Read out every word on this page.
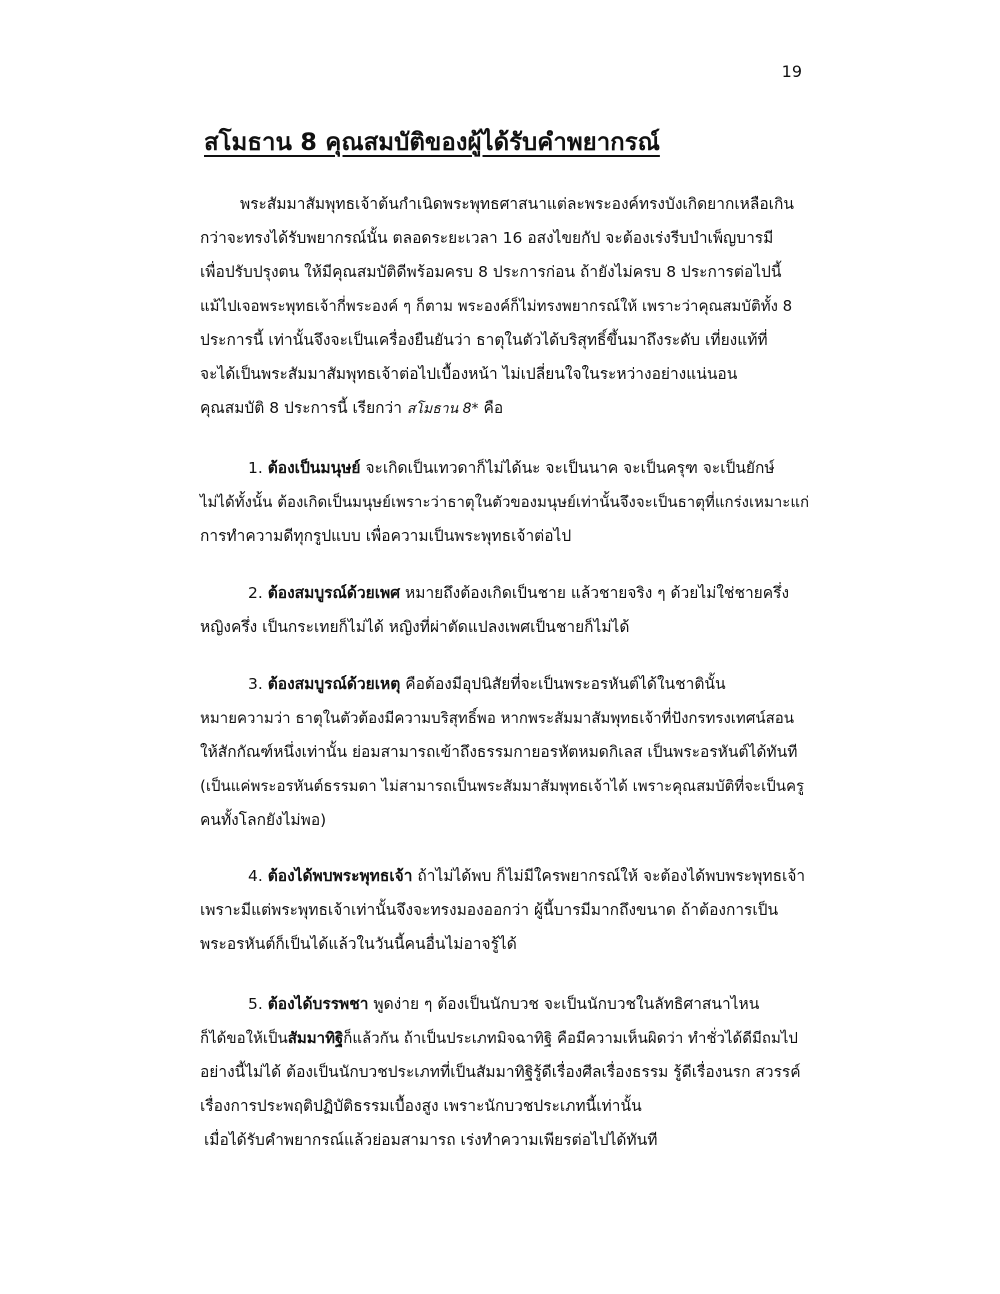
19
สโมธาน 8 คุณสมบัติของผู้ได้รับคำพยากรณ์
พระสัมมาสัมพุทธเจ้าต้นกำเนิดพระพุทธศาสนาแต่ละพระองค์ทรงบังเกิดยากเหลือเกิน
กว่าจะทรงได้รับพยากรณ์นั้น ตลอดระยะเวลา 16 อสงไขยกัป จะต้องเร่งรีบบำเพ็ญบารมี
เพื่อปรับปรุงตน ให้มีคุณสมบัติดีพร้อมครบ 8 ประการก่อน ถ้ายังไม่ครบ 8 ประการต่อไปนี้
แม้ไปเจอพระพุทธเจ้ากี่พระองค์ ๆ ก็ตาม พระองค์ก็ไม่ทรงพยากรณ์ให้ เพราะว่าคุณสมบัติทั้ง 8
ประการนี้ เท่านั้นจึงจะเป็นเครื่องยืนยันว่า ธาตุในตัวได้บริสุทธิ์ขึ้นมาถึงระดับ เที่ยงแท้ที่
จะได้เป็นพระสัมมาสัมพุทธเจ้าต่อไปเบื้องหน้า ไม่เปลี่ยนใจในระหว่างอย่างแน่นอน
คุณสมบัติ 8 ประการนี้ เรียกว่า สโมธาน 8* คือ
1. ต้องเป็นมนุษย์ จะเกิดเป็นเทวดาก็ไม่ได้นะ จะเป็นนาค จะเป็นครุฑ จะเป็นยักษ์
ไม่ได้ทั้งนั้น ต้องเกิดเป็นมนุษย์เพราะว่าธาตุในตัวของมนุษย์เท่านั้นจึงจะเป็นธาตุที่แกร่งเหมาะแก่
การทำความดีทุกรูปแบบ เพื่อความเป็นพระพุทธเจ้าต่อไป
2. ต้องสมบูรณ์ด้วยเพศ หมายถึงต้องเกิดเป็นชาย แล้วชายจริง ๆ ด้วยไม่ใช่ชายครึ่ง
หญิงครึ่ง เป็นกระเทยก็ไม่ได้ หญิงที่ผ่าตัดแปลงเพศเป็นชายก็ไม่ได้
3. ต้องสมบูรณ์ด้วยเหตุ คือต้องมีอุปนิสัยที่จะเป็นพระอรหันต์ได้ในชาตินั้น
หมายความว่า ธาตุในตัวต้องมีความบริสุทธิ์พอ หากพระสัมมาสัมพุทธเจ้าที่ปังกรทรงเทศน์สอน
ให้สักกัณฑ์หนึ่งเท่านั้น ย่อมสามารถเข้าถึงธรรมกายอรหัตหมดกิเลส เป็นพระอรหันต์ได้ทันที
(เป็นแค่พระอรหันต์ธรรมดา ไม่สามารถเป็นพระสัมมาสัมพุทธเจ้าได้ เพราะคุณสมบัติที่จะเป็นครู
คนทั้งโลกยังไม่พอ)
4. ต้องได้พบพระพุทธเจ้า ถ้าไม่ได้พบ ก็ไม่มีใครพยากรณ์ให้ จะต้องได้พบพระพุทธเจ้า
เพราะมีแต่พระพุทธเจ้าเท่านั้นจึงจะทรงมองออกว่า ผู้นี้บารมีมากถึงขนาด ถ้าต้องการเป็น
พระอรหันต์ก็เป็นได้แล้วในวันนี้คนอื่นไม่อาจรู้ได้
5. ต้องได้บรรพชา พูดง่าย ๆ ต้องเป็นนักบวช จะเป็นนักบวชในลัทธิศาสนาไหน
ก็ได้ขอให้เป็นสัมมาทิฐิก็แล้วกัน ถ้าเป็นประเภทมิจฉาทิฐิ คือมีความเห็นผิดว่า ทำชั่วได้ดีมีถมไป
อย่างนี้ไม่ได้ ต้องเป็นนักบวชประเภทที่เป็นสัมมาทิฐิรู้ดีเรื่องศีลเรื่องธรรม รู้ดีเรื่องนรก สวรรค์
เรื่องการประพฤติปฏิบัติธรรมเบื้องสูง เพราะนักบวชประเภทนี้เท่านั้น
เมื่อได้รับคำพยากรณ์แล้วย่อมสามารถ เร่งทำความเพียรต่อไปได้ทันที
